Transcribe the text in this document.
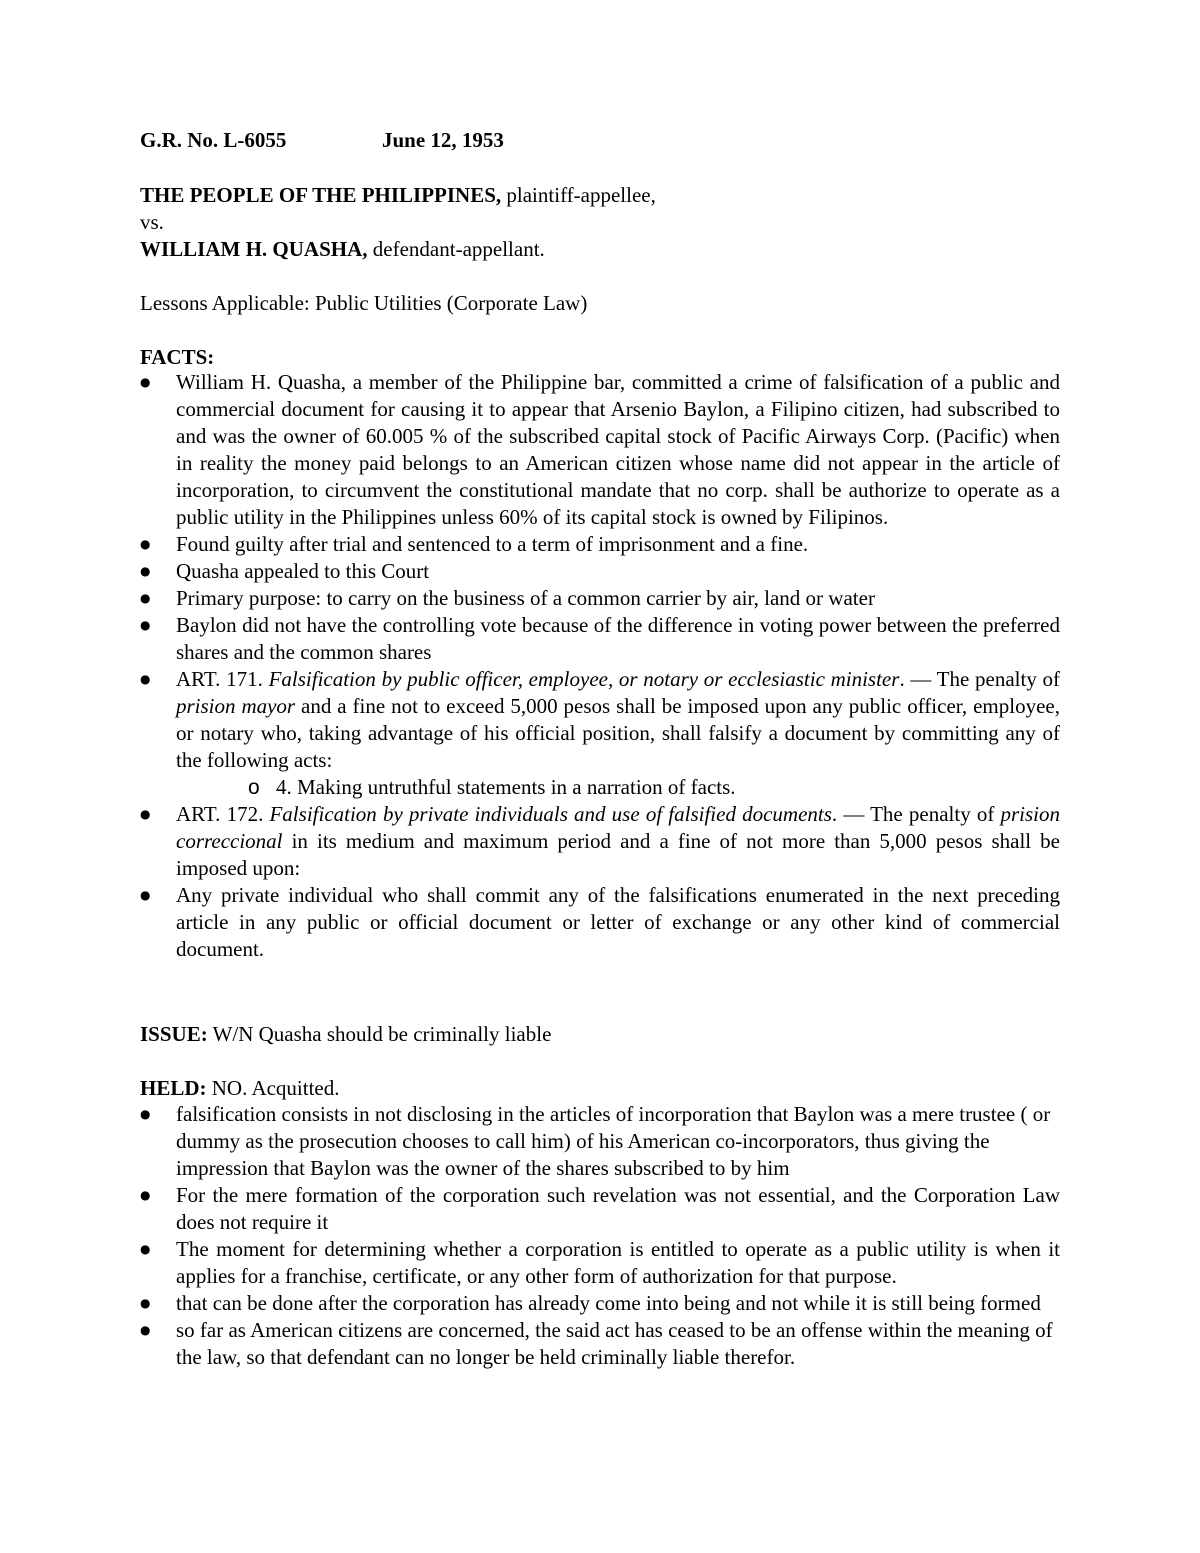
G.R. No. L-6055	June 12, 1953
THE PEOPLE OF THE PHILIPPINES, plaintiff-appellee,
vs.
WILLIAM H. QUASHA, defendant-appellant.
Lessons Applicable: Public Utilities (Corporate Law)
FACTS:
● William H. Quasha, a member of the Philippine bar, committed a crime of falsification of a public and commercial document for causing it to appear that Arsenio Baylon, a Filipino citizen, had subscribed to and was the owner of 60.005 % of the subscribed capital stock of Pacific Airways Corp. (Pacific) when in reality the money paid belongs to an American citizen whose name did not appear in the article of incorporation, to circumvent the constitutional mandate that no corp. shall be authorize to operate as a public utility in the Philippines unless 60% of its capital stock is owned by Filipinos.
● Found guilty after trial and sentenced to a term of imprisonment and a fine.
● Quasha appealed to this Court
● Primary purpose: to carry on the business of a common carrier by air, land or water
● Baylon did not have the controlling vote because of the difference in voting power between the preferred shares and the common shares
● ART. 171. Falsification by public officer, employee, or notary or ecclesiastic minister. — The penalty of prision mayor and a fine not to exceed 5,000 pesos shall be imposed upon any public officer, employee, or notary who, taking advantage of his official position, shall falsify a document by committing any of the following acts:
o 4. Making untruthful statements in a narration of facts.
● ART. 172. Falsification by private individuals and use of falsified documents. — The penalty of prision correccional in its medium and maximum period and a fine of not more than 5,000 pesos shall be imposed upon:
● Any private individual who shall commit any of the falsifications enumerated in the next preceding article in any public or official document or letter of exchange or any other kind of commercial document.
ISSUE: W/N Quasha should be criminally liable
HELD: NO. Acquitted.
● falsification consists in not disclosing in the articles of incorporation that Baylon was a mere trustee ( or dummy as the prosecution chooses to call him) of his American co-incorporators, thus giving the impression that Baylon was the owner of the shares subscribed to by him
● For the mere formation of the corporation such revelation was not essential, and the Corporation Law does not require it
● The moment for determining whether a corporation is entitled to operate as a public utility is when it applies for a franchise, certificate, or any other form of authorization for that purpose.
● that can be done after the corporation has already come into being and not while it is still being formed
● so far as American citizens are concerned, the said act has ceased to be an offense within the meaning of the law, so that defendant can no longer be held criminally liable therefor.
